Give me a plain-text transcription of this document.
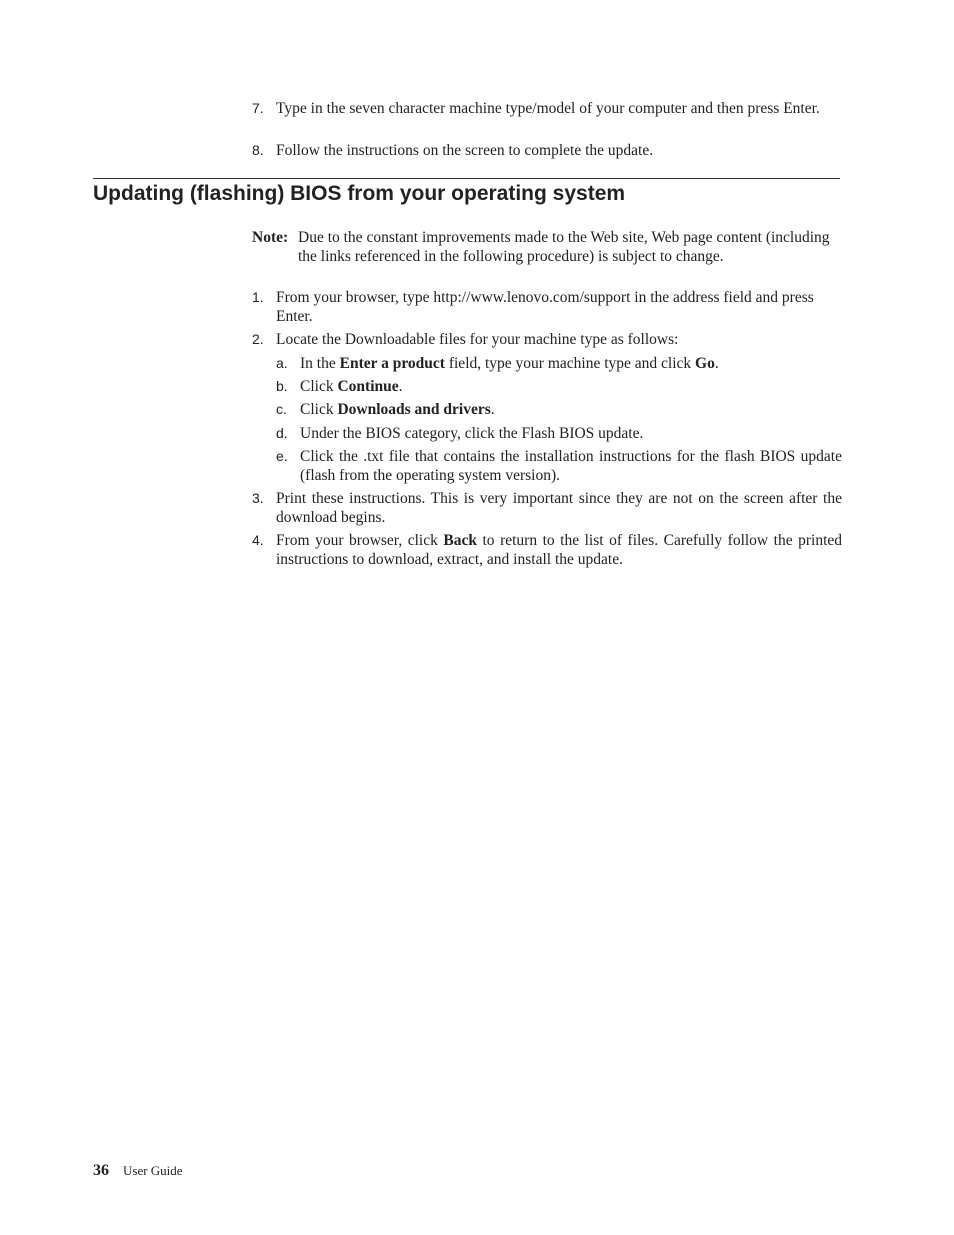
7. Type in the seven character machine type/model of your computer and then press Enter.
8. Follow the instructions on the screen to complete the update.
Updating (flashing) BIOS from your operating system
Note: Due to the constant improvements made to the Web site, Web page content (including the links referenced in the following procedure) is subject to change.
1. From your browser, type http://www.lenovo.com/support in the address field and press Enter.
2. Locate the Downloadable files for your machine type as follows:
a. In the Enter a product field, type your machine type and click Go.
b. Click Continue.
c. Click Downloads and drivers.
d. Under the BIOS category, click the Flash BIOS update.
e. Click the .txt file that contains the installation instructions for the flash BIOS update (flash from the operating system version).
3. Print these instructions. This is very important since they are not on the screen after the download begins.
4. From your browser, click Back to return to the list of files. Carefully follow the printed instructions to download, extract, and install the update.
36 User Guide
